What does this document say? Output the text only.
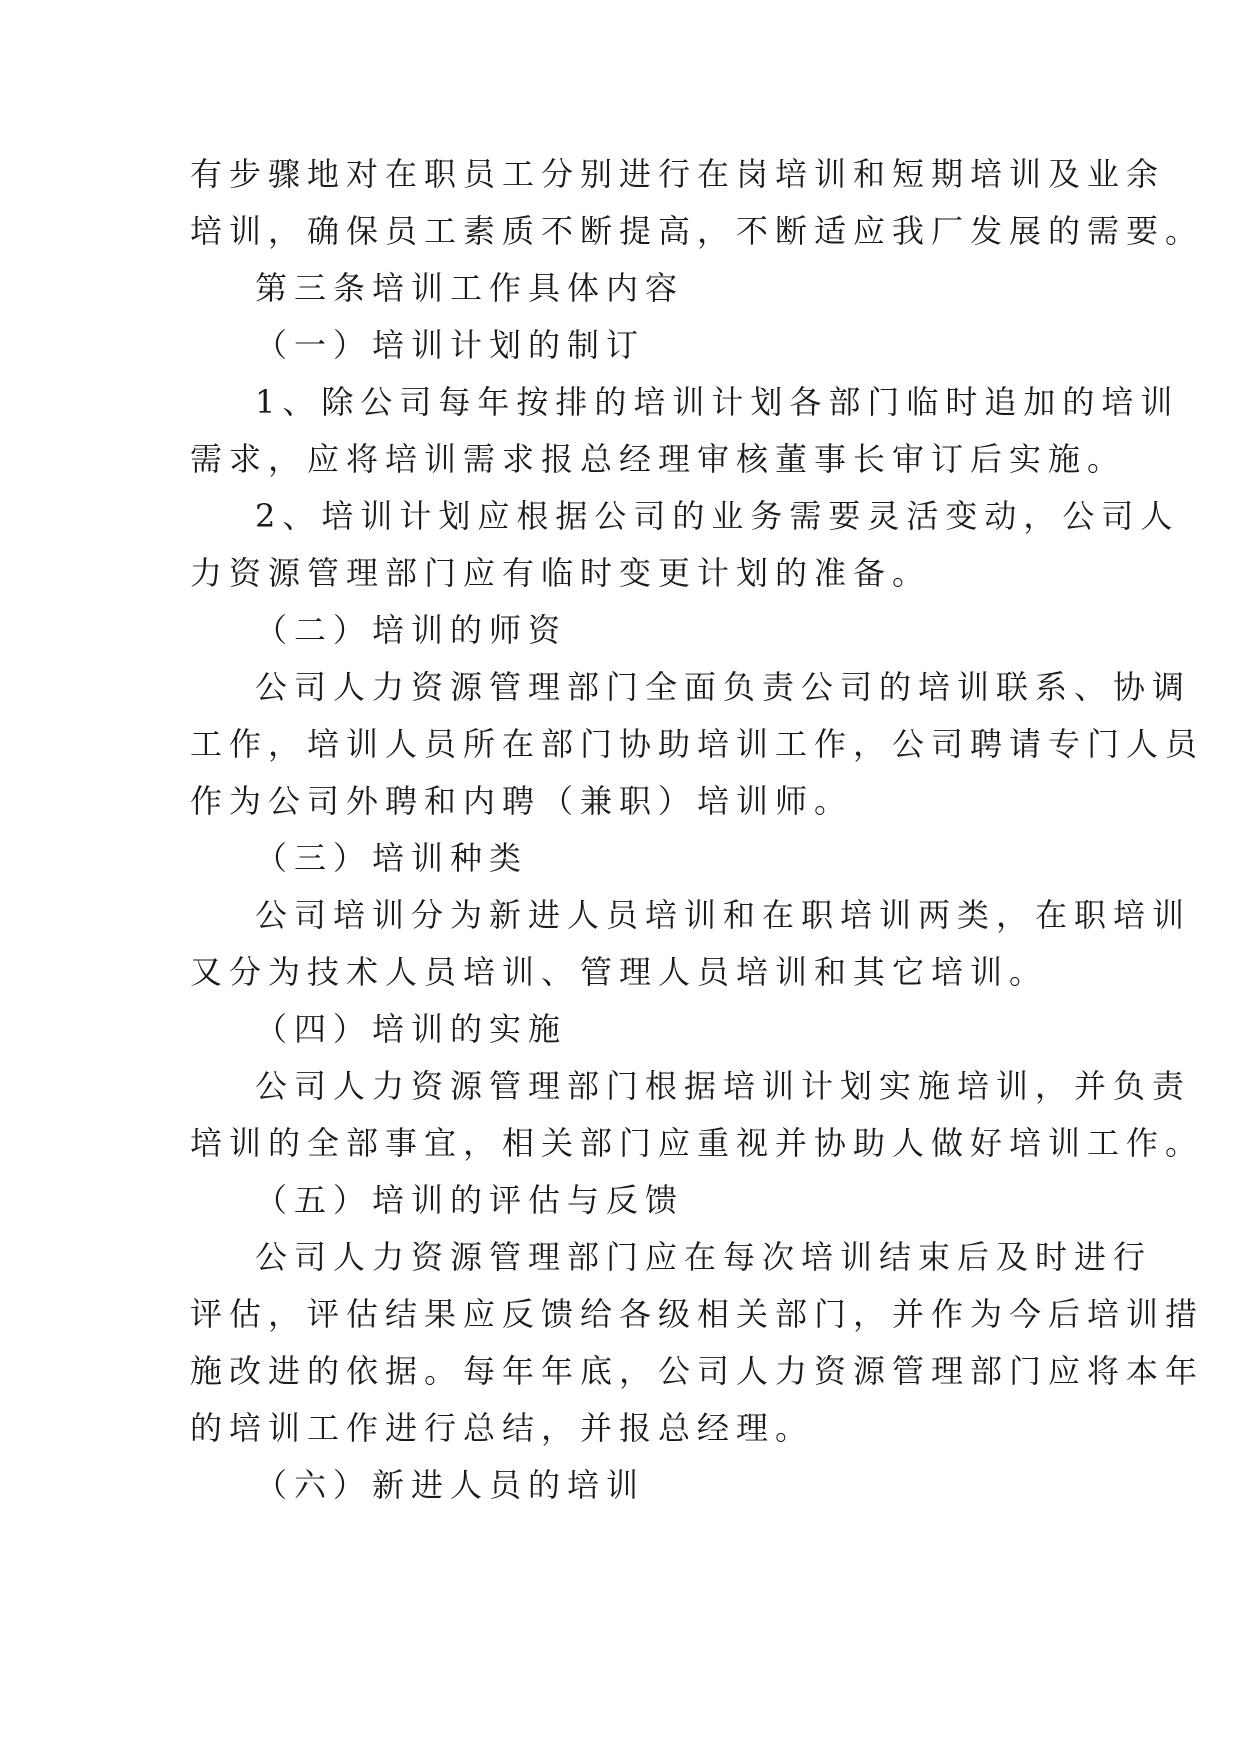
有步骤地对在职员工分别进行在岗培训和短期培训及业余
培训，确保员工素质不断提高，不断适应我厂发展的需要。
第三条培训工作具体内容
（一）培训计划的制订
1、除公司每年按排的培训计划各部门临时追加的培训
需求，应将培训需求报总经理审核董事长审订后实施。
2、培训计划应根据公司的业务需要灵活变动，公司人
力资源管理部门应有临时变更计划的准备。
（二）培训的师资
公司人力资源管理部门全面负责公司的培训联系、协调
工作，培训人员所在部门协助培训工作，公司聘请专门人员
作为公司外聘和内聘（兼职）培训师。
（三）培训种类
公司培训分为新进人员培训和在职培训两类，在职培训
又分为技术人员培训、管理人员培训和其它培训。
（四）培训的实施
公司人力资源管理部门根据培训计划实施培训，并负责
培训的全部事宜，相关部门应重视并协助人做好培训工作。
（五）培训的评估与反馈
公司人力资源管理部门应在每次培训结束后及时进行
评估，评估结果应反馈给各级相关部门，并作为今后培训措
施改进的依据。每年年底，公司人力资源管理部门应将本年
的培训工作进行总结，并报总经理。
（六）新进人员的培训
